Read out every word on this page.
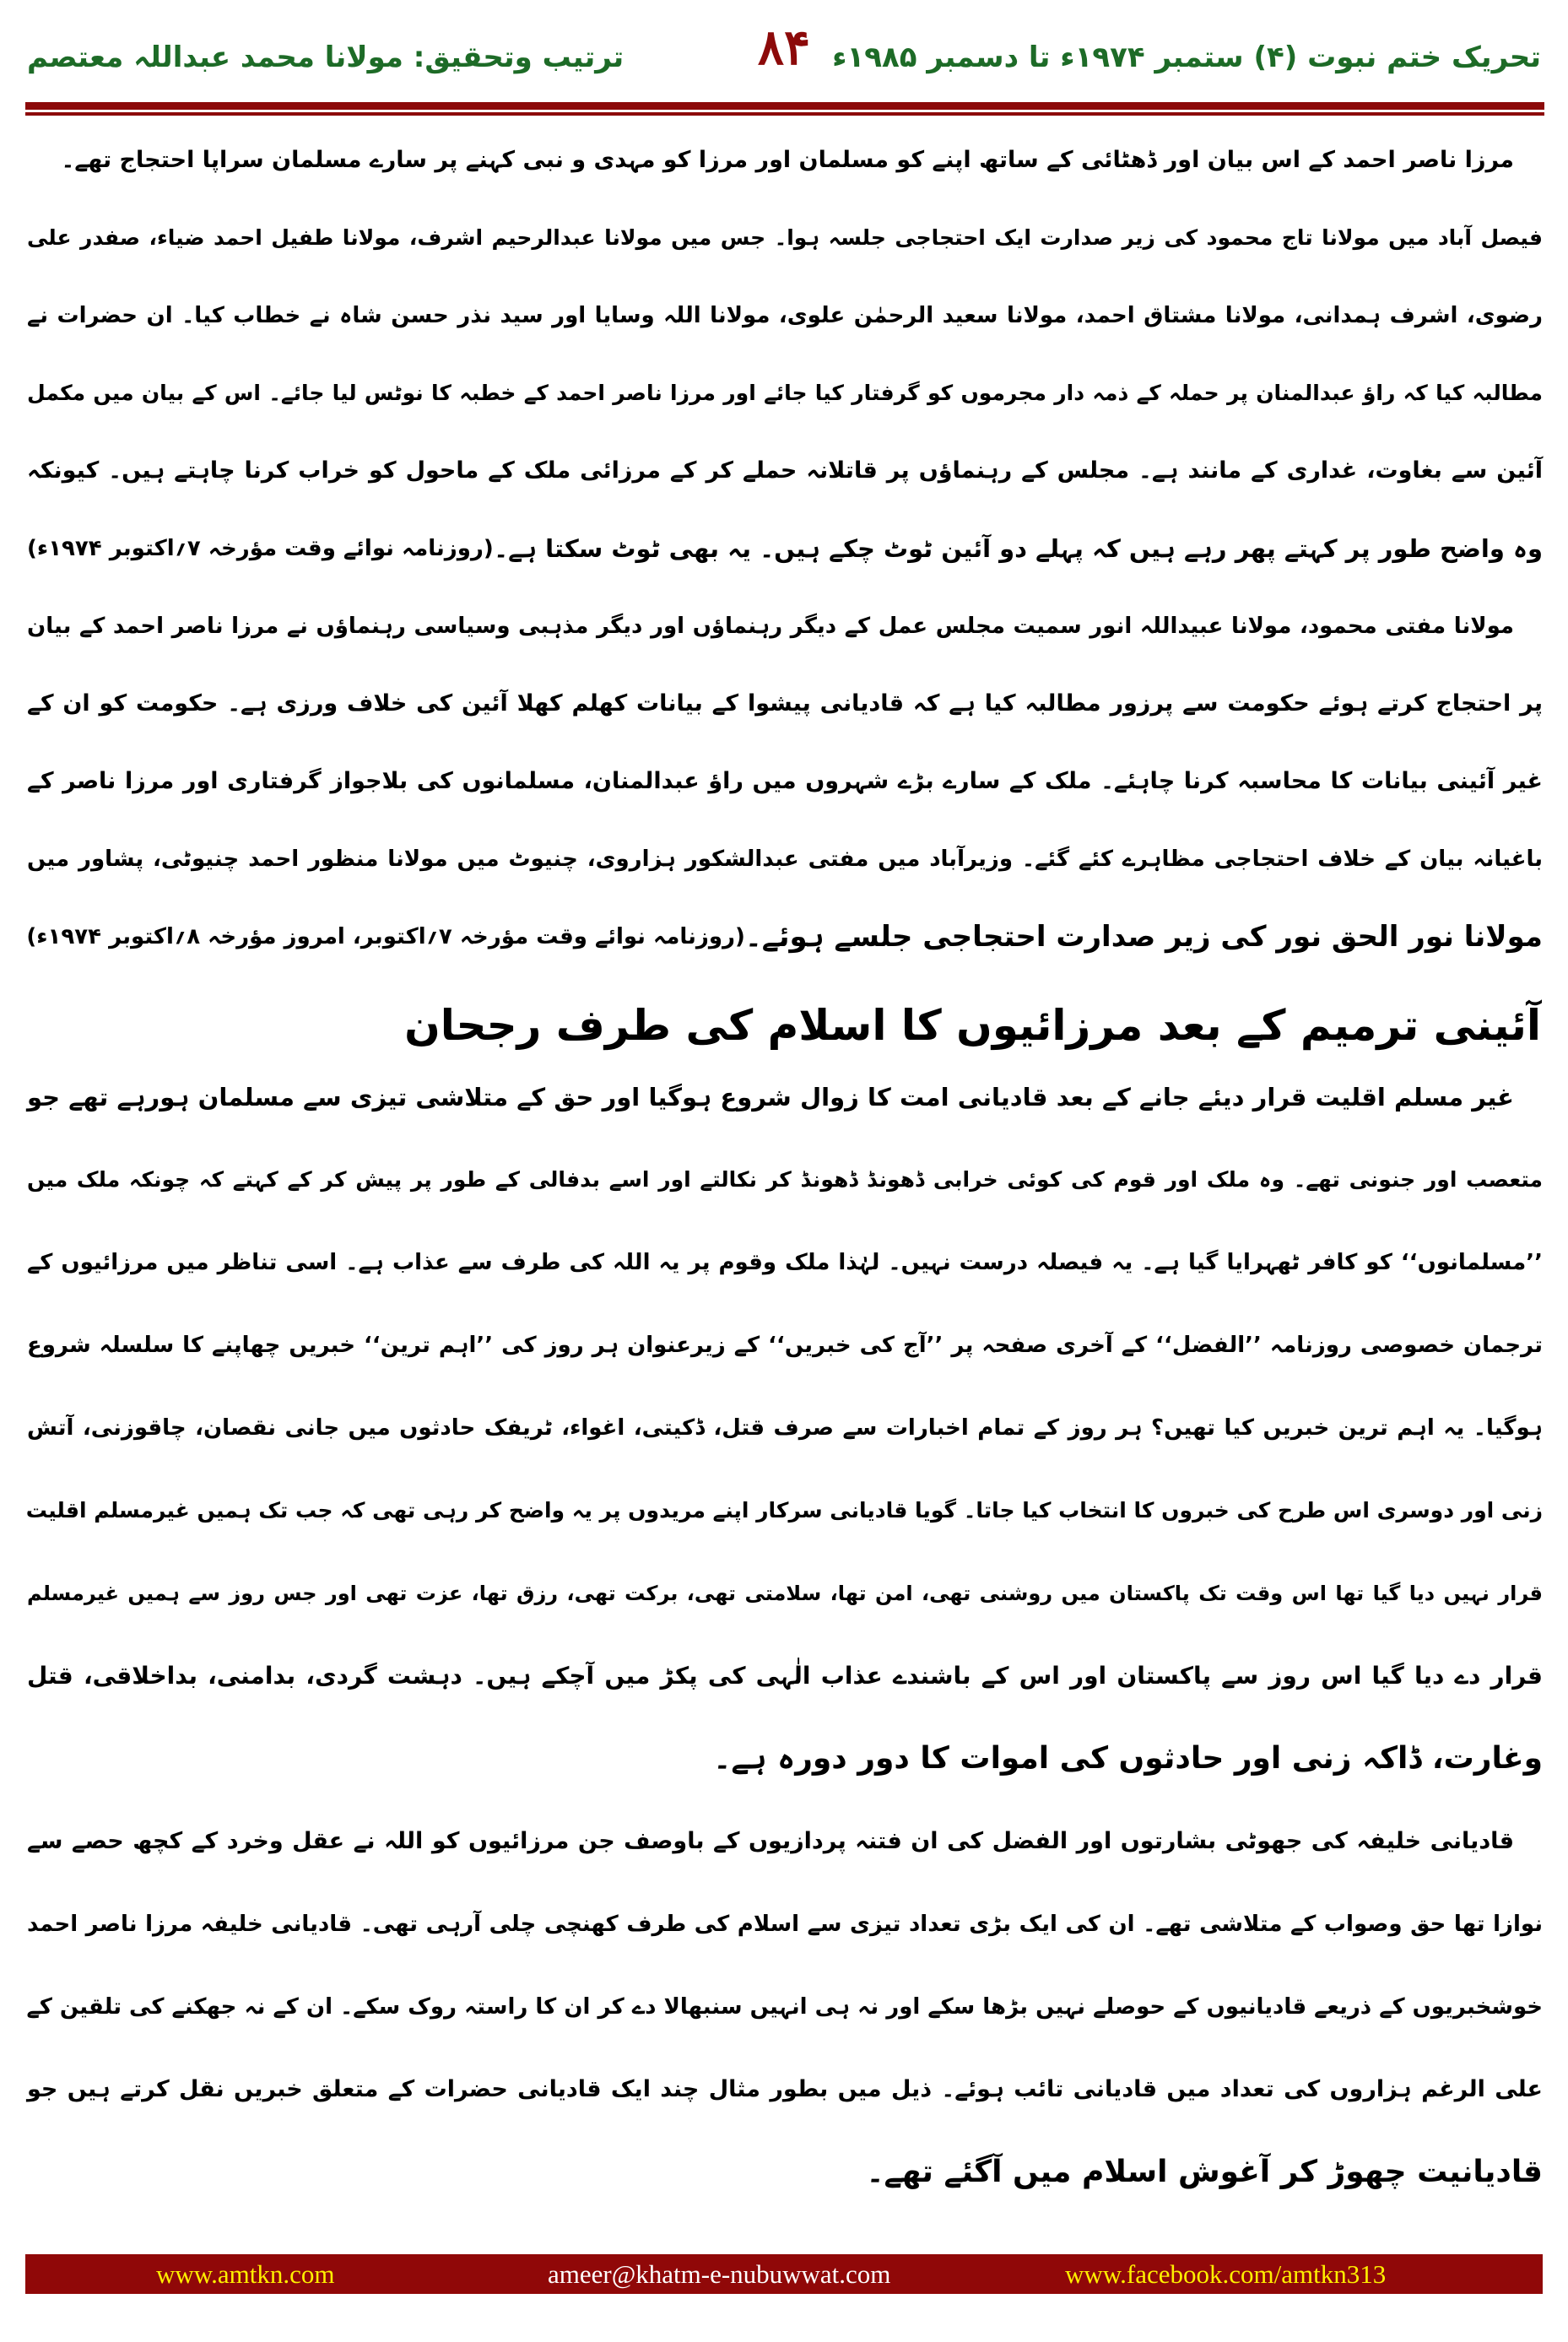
تحریک ختم نبوت (۴) ستمبر ۱۹۷۴ء تا دسمبر ۱۹۸۵ء
۸۴
ترتیب وتحقیق: مولانا محمد عبداللہ معتصم
مرزا ناصر احمد کے اس بیان اور ڈھٹائی کے ساتھ اپنے کو مسلمان اور مرزا کو مہدی و نبی کہنے پر سارے مسلمان سراپا احتجاج تھے۔
فیصل آباد میں مولانا تاج محمود کی زیر صدارت ایک احتجاجی جلسہ ہوا۔ جس میں مولانا عبدالرحیم اشرف، مولانا طفیل احمد ضیاء، صفدر علی
رضوی، اشرف ہمدانی، مولانا مشتاق احمد، مولانا سعید الرحمٰن علوی، مولانا اللہ وسایا اور سید نذر حسن شاہ نے خطاب کیا۔ ان حضرات نے
مطالبہ کیا کہ راؤ عبدالمنان پر حملہ کے ذمہ دار مجرموں کو گرفتار کیا جائے اور مرزا ناصر احمد کے خطبہ کا نوٹس لیا جائے۔ اس کے بیان میں مکمل
آئین سے بغاوت، غداری کے مانند ہے۔ مجلس کے رہنماؤں پر قاتلانہ حملے کر کے مرزائی ملک کے ماحول کو خراب کرنا چاہتے ہیں۔ کیونکہ
وہ واضح طور پر کہتے پھر رہے ہیں کہ پہلے دو آئین ٹوٹ چکے ہیں۔ یہ بھی ٹوٹ سکتا ہے۔
(روزنامہ نوائے وقت مؤرخہ ۷؍اکتوبر ۱۹۷۴ء)
مولانا مفتی محمود، مولانا عبیداللہ انور سمیت مجلس عمل کے دیگر رہنماؤں اور دیگر مذہبی وسیاسی رہنماؤں نے مرزا ناصر احمد کے بیان
پر احتجاج کرتے ہوئے حکومت سے پرزور مطالبہ کیا ہے کہ قادیانی پیشوا کے بیانات کھلم کھلا آئین کی خلاف ورزی ہے۔ حکومت کو ان کے
غیر آئینی بیانات کا محاسبہ کرنا چاہئے۔ ملک کے سارے بڑے شہروں میں راؤ عبدالمنان، مسلمانوں کی بلاجواز گرفتاری اور مرزا ناصر کے
باغیانہ بیان کے خلاف احتجاجی مظاہرے کئے گئے۔ وزیرآباد میں مفتی عبدالشکور ہزاروی، چنیوٹ میں مولانا منظور احمد چنیوٹی، پشاور میں
مولانا نور الحق نور کی زیر صدارت احتجاجی جلسے ہوئے۔
(روزنامہ نوائے وقت مؤرخہ ۷؍اکتوبر، امروز مؤرخہ ۸؍اکتوبر ۱۹۷۴ء)
آئینی ترمیم کے بعد مرزائیوں کا اسلام کی طرف رجحان
غیر مسلم اقلیت قرار دیئے جانے کے بعد قادیانی امت کا زوال شروع ہوگیا اور حق کے متلاشی تیزی سے مسلمان ہورہے تھے جو
متعصب اور جنونی تھے۔ وہ ملک اور قوم کی کوئی خرابی ڈھونڈ ڈھونڈ کر نکالتے اور اسے بدفالی کے طور پر پیش کر کے کہتے کہ چونکہ ملک میں
’’مسلمانوں‘‘ کو کافر ٹھہرایا گیا ہے۔ یہ فیصلہ درست نہیں۔ لہٰذا ملک وقوم پر یہ اللہ کی طرف سے عذاب ہے۔ اسی تناظر میں مرزائیوں کے
ترجمان خصوصی روزنامہ ’’الفضل‘‘ کے آخری صفحہ پر ’’آج کی خبریں‘‘ کے زیرعنوان ہر روز کی ’’اہم ترین‘‘ خبریں چھاپنے کا سلسلہ شروع
ہوگیا۔ یہ اہم ترین خبریں کیا تھیں؟ ہر روز کے تمام اخبارات سے صرف قتل، ڈکیتی، اغواء، ٹریفک حادثوں میں جانی نقصان، چاقوزنی، آتش
زنی اور دوسری اس طرح کی خبروں کا انتخاب کیا جاتا۔ گویا قادیانی سرکار اپنے مریدوں پر یہ واضح کر رہی تھی کہ جب تک ہمیں غیرمسلم اقلیت
قرار نہیں دیا گیا تھا اس وقت تک پاکستان میں روشنی تھی، امن تھا، سلامتی تھی، برکت تھی، رزق تھا، عزت تھی اور جس روز سے ہمیں غیرمسلم
قرار دے دیا گیا اس روز سے پاکستان اور اس کے باشندے عذاب الٰہی کی پکڑ میں آچکے ہیں۔ دہشت گردی، بدامنی، بداخلاقی، قتل
وغارت، ڈاکہ زنی اور حادثوں کی اموات کا دور دورہ ہے۔
قادیانی خلیفہ کی جھوٹی بشارتوں اور الفضل کی ان فتنہ پردازیوں کے باوصف جن مرزائیوں کو اللہ نے عقل وخرد کے کچھ حصے سے
نوازا تھا حق وصواب کے متلاشی تھے۔ ان کی ایک بڑی تعداد تیزی سے اسلام کی طرف کھنچی چلی آرہی تھی۔ قادیانی خلیفہ مرزا ناصر احمد
خوشخبریوں کے ذریعے قادیانیوں کے حوصلے نہیں بڑھا سکے اور نہ ہی انہیں سنبھالا دے کر ان کا راستہ روک سکے۔ ان کے نہ جھکنے کی تلقین کے
علی الرغم ہزاروں کی تعداد میں قادیانی تائب ہوئے۔ ذیل میں بطور مثال چند ایک قادیانی حضرات کے متعلق خبریں نقل کرتے ہیں جو
قادیانیت چھوڑ کر آغوش اسلام میں آگئے تھے۔
www.amtkn.com	ameer@khatm-e-nubuwwat.com	www.facebook.com/amtkn313
